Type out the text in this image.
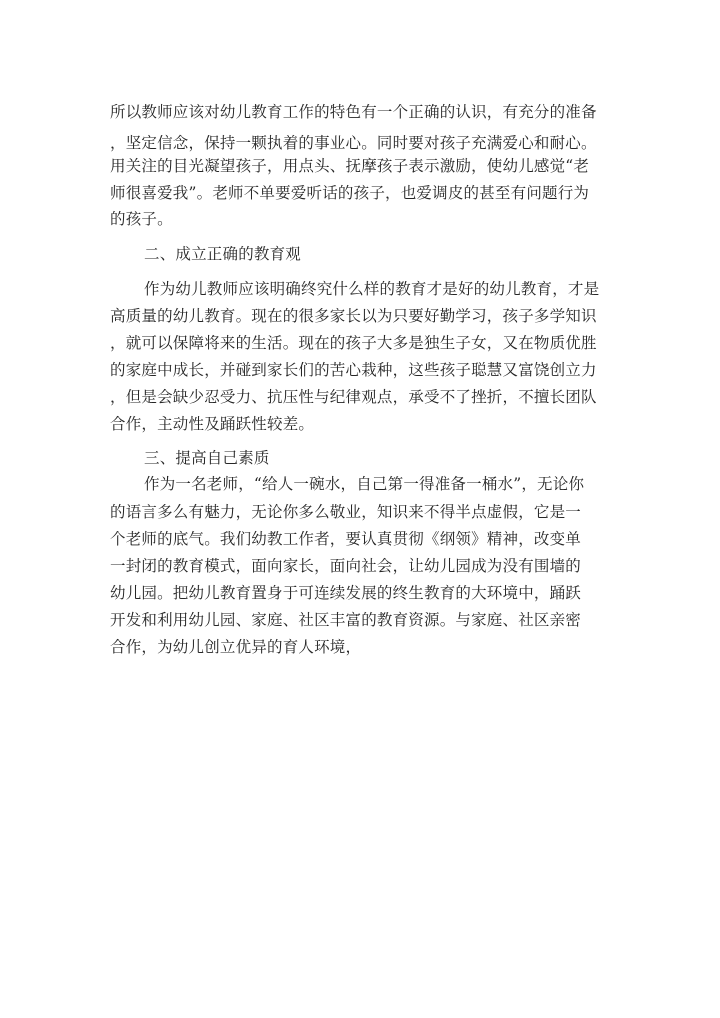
所以教师应该对幼儿教育工作的特色有一个正确的认识，有充分的准备
，坚定信念，保持一颗执着的事业心。同时要对孩子充满爱心和耐心。
用关注的目光凝望孩子，用点头、抚摩孩子表示激励，使幼儿感觉“老
师很喜爱我”。老师不单要爱听话的孩子，也爱调皮的甚至有问题行为
的孩子。
二、成立正确的教育观
作为幼儿教师应该明确终究什么样的教育才是好的幼儿教育，才是
高质量的幼儿教育。现在的很多家长以为只要好勤学习，孩子多学知识
，就可以保障将来的生活。现在的孩子大多是独生子女，又在物质优胜
的家庭中成长，并碰到家长们的苦心栽种，这些孩子聪慧又富饶创立力
，但是会缺少忍受力、抗压性与纪律观点，承受不了挫折，不擅长团队
合作，主动性及踊跃性较差。
三、提高自己素质
作为一名老师，“给人一碗水，自己第一得准备一桶水”，无论你
的语言多么有魅力，无论你多么敬业，知识来不得半点虚假，它是一
个老师的底气。我们幼教工作者，要认真贯彻《纲领》精神，改变单
一封闭的教育模式，面向家长，面向社会，让幼儿园成为没有围墙的
幼儿园。把幼儿教育置身于可连续发展的终生教育的大环境中，踊跃
开发和利用幼儿园、家庭、社区丰富的教育资源。与家庭、社区亲密
合作，为幼儿创立优异的育人环境，
